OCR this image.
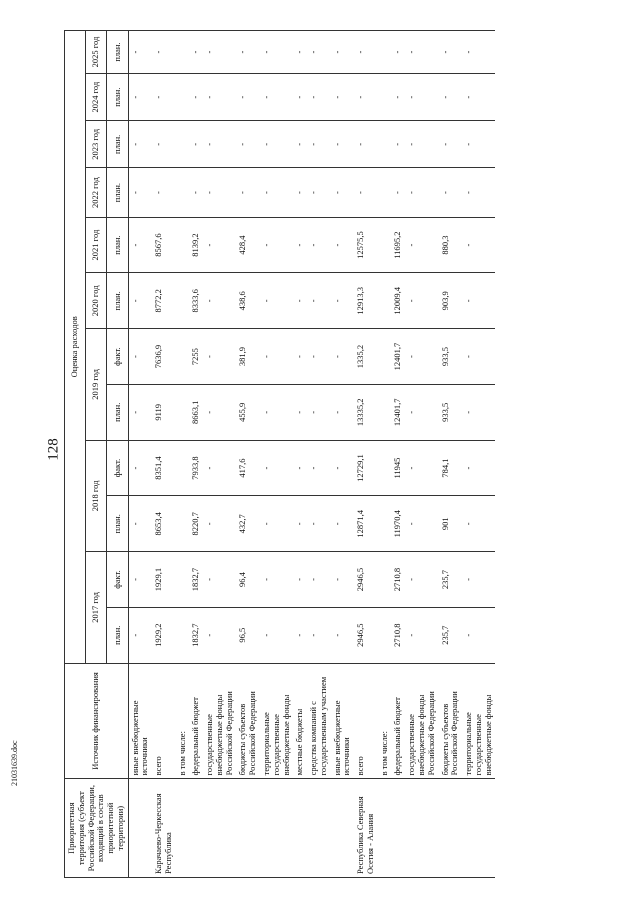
128
21031639.doc
Приоритетная территория (субъект Российской Федерации, входящий в состав приоритетной территории)	Источник финансирования	Оценка расходов											
		2017 год		2018 год		2019 год		2020 год	2021 год	2022 год	2023 год	2024 год	2025 год
		план.	факт.	план.	факт.	план.	факт.	план.	план.	план.	план.	план.	план.
	иные внебюджетные источники	-	-	-	-	-	-	-	-	-	-	-	-
Карачаево-Черкесская Республика	всего	1929,2	1929,1	8653,4	8351,4	9119	7636,9	8772,2	8567,6	-	-	-	-
	в том числе:												
	федеральный бюджет	1832,7	1832,7	8220,7	7933,8	8663,1	7255	8333,6	8139,2	-	-	-	-
	государственные внебюджетные фонды Российской Федерации	-	-	-	-	-	-	-	-	-	-	-	-
	бюджеты субъектов Российской Федерации	96,5	96,4	432,7	417,6	455,9	381,9	438,6	428,4	-	-	-	-
	территориальные государственные внебюджетные фонды	-	-	-	-	-	-	-	-	-	-	-	-
	местные бюджеты	-	-	-	-	-	-	-	-	-	-	-	-
	средства компаний с государственным участием	-	-	-	-	-	-	-	-	-	-	-	-
	иные внебюджетные источники	-	-	-	-	-	-	-	-	-	-	-	-
Республика Северная Осетия - Алания	всего	2946,5	2946,5	12871,4	12729,1	13335,2	1335,2	12913,3	12575,5	-	-	-	-
	в том числе:												
	федеральный бюджет	2710,8	2710,8	11970,4	11945	12401,7	12401,7	12009,4	11695,2	-	-	-	-
	государственные внебюджетные фонды Российской Федерации	-	-	-	-	-	-	-	-	-	-	-	-
	бюджеты субъектов Российской Федерации	235,7	235,7	901	784,1	933,5	933,5	903,9	880,3	-	-	-	-
	территориальные государственные внебюджетные фонды	-	-	-	-	-	-	-	-	-	-	-	-
